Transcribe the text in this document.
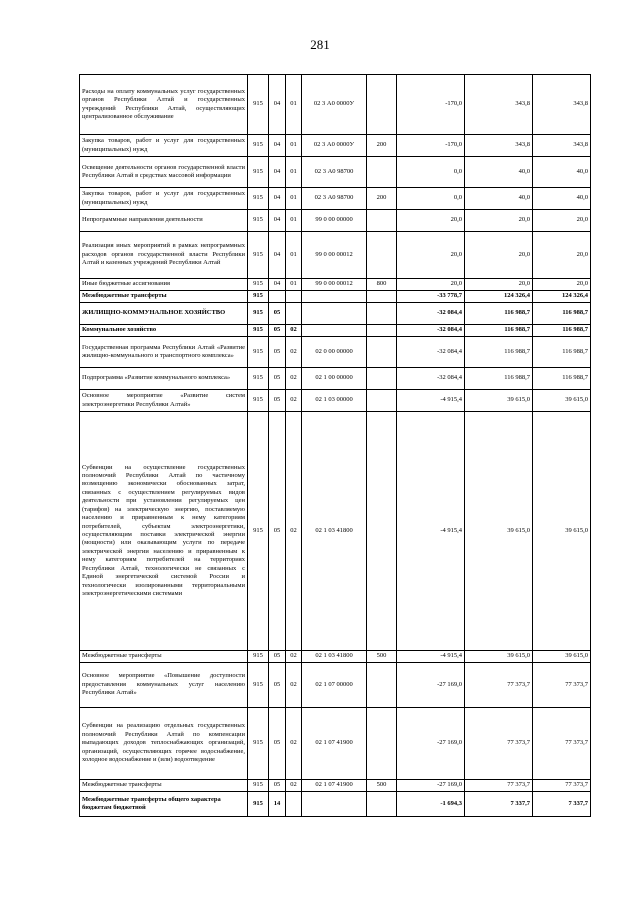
281
Расходы на оплату коммунальных услуг государственных органов Республики Алтай и государственных учреждений Республики Алтай, осуществляющих централизованное обслуживание	915	04	01	02 3 А0 0000У		-170,0	343,8	343,8
Закупка товаров, работ и услуг для государственных (муниципальных) нужд	915	04	01	02 3 А0 0000У	200	-170,0	343,8	343,8
Освещение деятельности органов государственной власти Республики Алтай в средствах массовой информации	915	04	01	02 3 А0 98700		0,0	40,0	40,0
Закупка товаров, работ и услуг для государственных (муниципальных) нужд	915	04	01	02 3 А0 98700	200	0,0	40,0	40,0
Непрограммные направления деятельности	915	04	01	99 0 00 00000		20,0	20,0	20,0
Реализация иных мероприятий в рамках непрограммных расходов органов государственной власти Республики Алтай и казенных учреждений Республики Алтай	915	04	01	99 0 00 00012		20,0	20,0	20,0
Иные бюджетные ассигнования	915	04	01	99 0 00 00012	800	20,0	20,0	20,0
Межбюджетные трансферты	915					-33 778,7	124 326,4	124 326,4
ЖИЛИЩНО-КОММУНАЛЬНОЕ ХОЗЯЙСТВО	915	05				-32 084,4	116 988,7	116 988,7
Коммунальное хозяйство	915	05	02			-32 084,4	116 988,7	116 988,7
Государственная программа Республики Алтай «Развитие жилищно-коммунального и транспортного комплекса»	915	05	02	02 0 00 00000		-32 084,4	116 988,7	116 988,7
Подпрограмма «Развитие коммунального комплекса»	915	05	02	02 1 00 00000		-32 084,4	116 988,7	116 988,7
Основное мероприятие «Развитие систем электроэнергетики Республики Алтай»	915	05	02	02 1 03 00000		-4 915,4	39 615,0	39 615,0
Субвенции на осуществление государственных полномочий Республики Алтай по частичному возмещению экономически обоснованных затрат, связанных с осуществлением регулируемых видов деятельности при установлении регулируемых цен (тарифов) на электрическую энергию, поставляемую населению и приравненным к нему категориям потребителей, субъектам электроэнергетики, осуществляющим поставки электрической энергии (мощности) или оказывающим услуги по передаче электрической энергии населению и приравненным к нему категориям потребителей на территориях Республики Алтай, технологически не связанных с Единой энергетической системой России и технологически изолированными территориальными электроэнергетическими системами	915	05	02	02 1 03 41800		-4 915,4	39 615,0	39 615,0
Межбюджетные трансферты	915	05	02	02 1 03 41800	500	-4 915,4	39 615,0	39 615,0
Основное мероприятие «Повышение доступности предоставления коммунальных услуг населению Республики Алтай»	915	05	02	02 1 07 00000		-27 169,0	77 373,7	77 373,7
Субвенции на реализацию отдельных государственных полномочий Республики Алтай по компенсации выпадающих доходов теплоснабжающих организаций, организаций, осуществляющих горячее водоснабжение, холодное водоснабжение и (или) водоотведение	915	05	02	02 1 07 41900		-27 169,0	77 373,7	77 373,7
Межбюджетные трансферты	915	05	02	02 1 07 41900	500	-27 169,0	77 373,7	77 373,7
Межбюджетные трансферты общего характера бюджетам бюджетной	915	14				-1 694,3	7 337,7	7 337,7
